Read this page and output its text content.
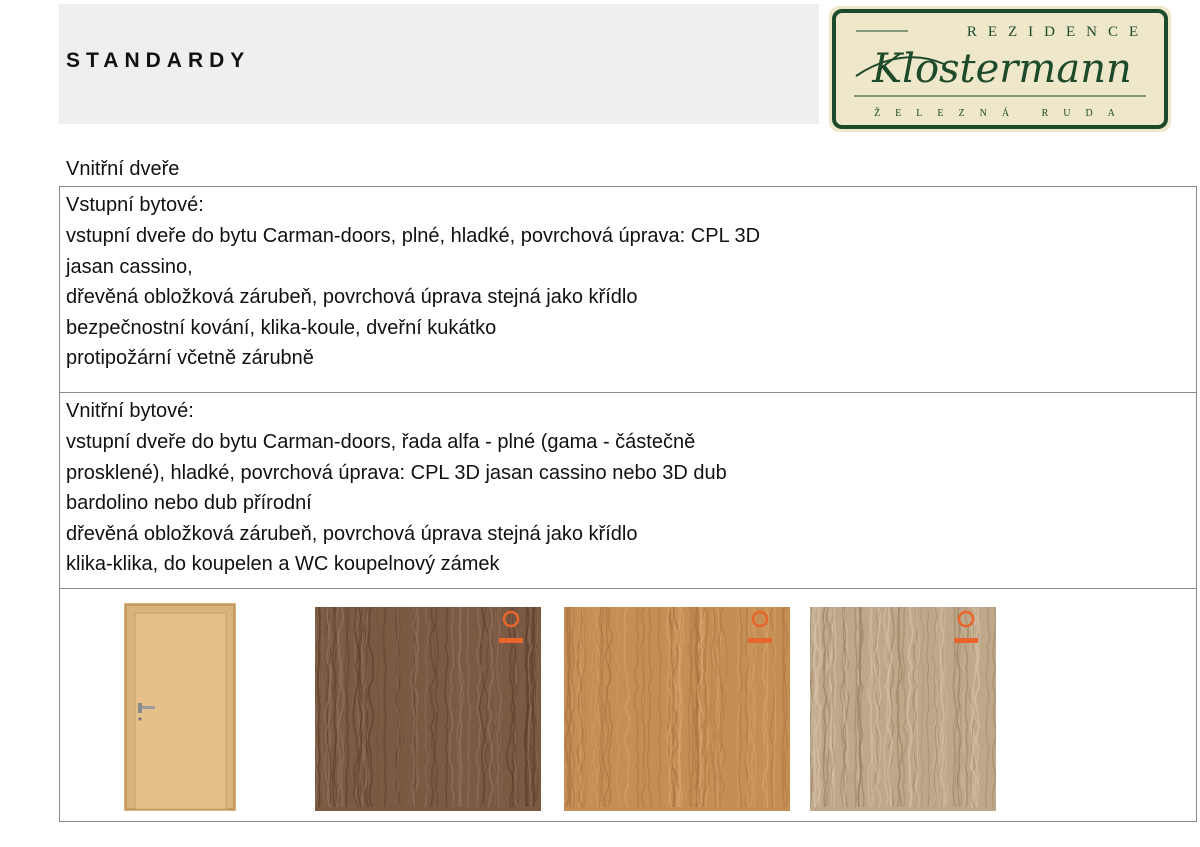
STANDARDY
REZIDENCE
Klostermann
ŽELEZNÁ RUDA
Vnitřní dveře
Vstupní bytové:
vstupní dveře do bytu Carman-doors, plné, hladké, povrchová úprava: CPL 3D
jasan cassino,
dřevěná obložková zárubeň, povrchová úprava stejná jako křídlo
bezpečnostní kování, klika-koule, dveřní kukátko
protipožární včetně zárubně
Vnitřní bytové:
vstupní dveře do bytu Carman-doors, řada alfa - plné (gama - částečně
prosklené), hladké, povrchová úprava: CPL 3D jasan cassino nebo 3D dub
bardolino nebo dub přírodní
dřevěná obložková zárubeň, povrchová úprava stejná jako křídlo
klika-klika, do koupelen a WC koupelnový zámek
